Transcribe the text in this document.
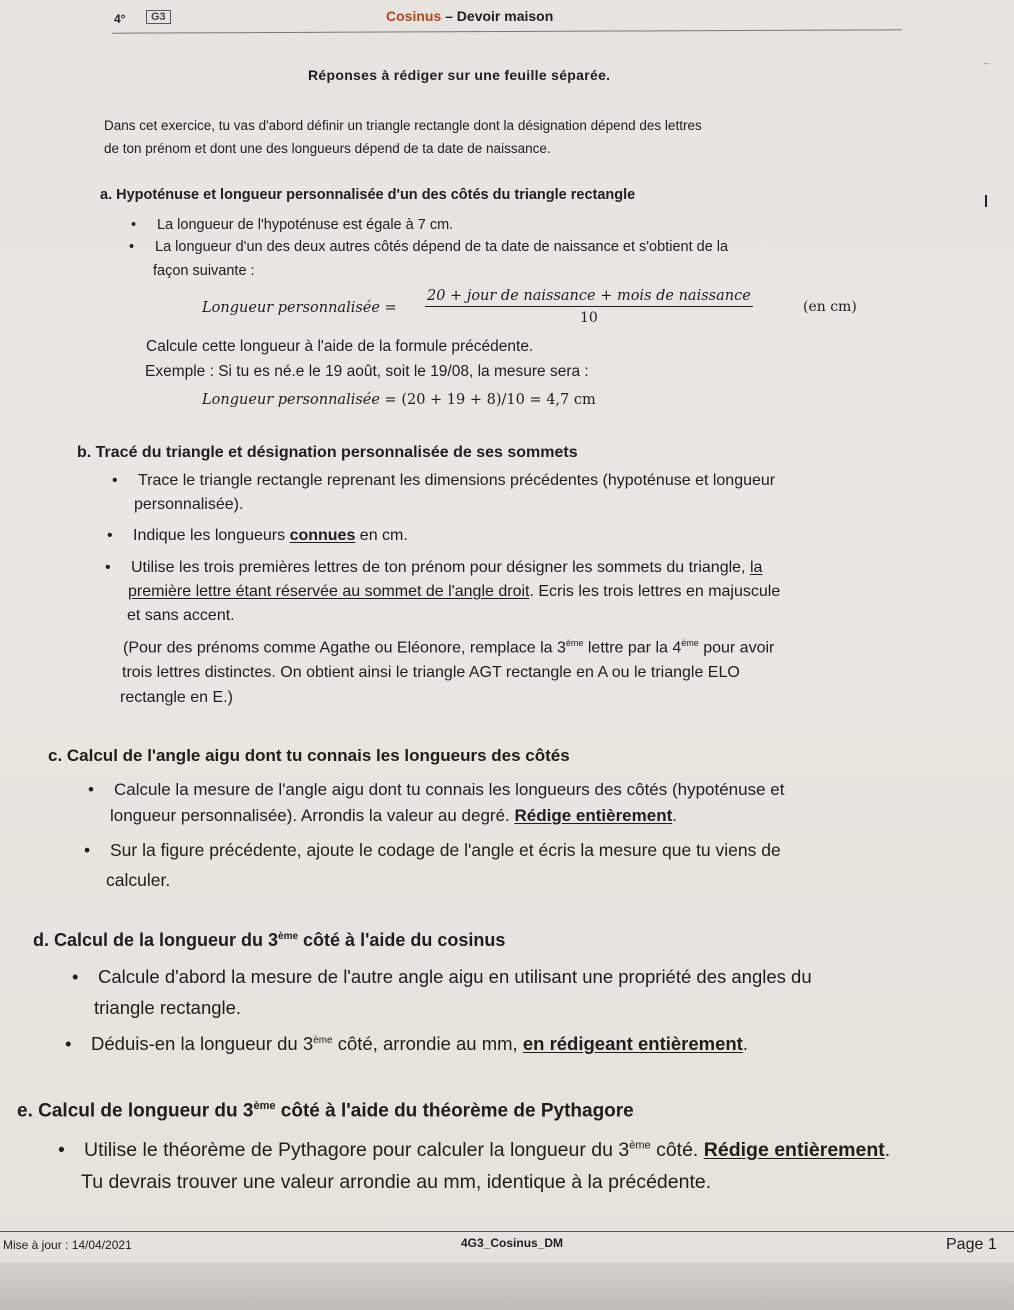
4°	G3	Cosinus – Devoir maison
–
Réponses à rédiger sur une feuille séparée.
Dans cet exercice, tu vas d'abord définir un triangle rectangle dont la désignation dépend des lettres
de ton prénom et dont une des longueurs dépend de ta date de naissance.
a. Hypoténuse et longueur personnalisée d'un des côtés du triangle rectangle
• La longueur de l'hypoténuse est égale à 7 cm.
• La longueur d'un des deux autres côtés dépend de ta date de naissance et s'obtient de la
façon suivante :
Longueur personnalisée =
20 + jour de naissance + mois de naissance
10
(en cm)
Calcule cette longueur à l'aide de la formule précédente.
Exemple : Si tu es né.e le 19 août, soit le 19/08, la mesure sera :
Longueur personnalisée = (20 + 19 + 8)/10 = 4,7 cm
b. Tracé du triangle et désignation personnalisée de ses sommets
• Trace le triangle rectangle reprenant les dimensions précédentes (hypoténuse et longueur
personnalisée).
• Indique les longueurs connues en cm.
• Utilise les trois premières lettres de ton prénom pour désigner les sommets du triangle, la
première lettre étant réservée au sommet de l'angle droit. Ecris les trois lettres en majuscule
et sans accent.
(Pour des prénoms comme Agathe ou Eléonore, remplace la 3ème lettre par la 4ème pour avoir
trois lettres distinctes. On obtient ainsi le triangle AGT rectangle en A ou le triangle ELO
rectangle en E.)
c. Calcul de l'angle aigu dont tu connais les longueurs des côtés
• Calcule la mesure de l'angle aigu dont tu connais les longueurs des côtés (hypoténuse et
longueur personnalisée). Arrondis la valeur au degré. Rédige entièrement.
• Sur la figure précédente, ajoute le codage de l'angle et écris la mesure que tu viens de
calculer.
d. Calcul de la longueur du 3ème côté à l'aide du cosinus
• Calcule d'abord la mesure de l'autre angle aigu en utilisant une propriété des angles du
triangle rectangle.
• Déduis-en la longueur du 3ème côté, arrondie au mm, en rédigeant entièrement.
e. Calcul de longueur du 3ème côté à l'aide du théorème de Pythagore
• Utilise le théorème de Pythagore pour calculer la longueur du 3ème côté. Rédige entièrement.
Tu devrais trouver une valeur arrondie au mm, identique à la précédente.
Mise à jour : 14/04/2021	4G3_Cosinus_DM	Page 1
